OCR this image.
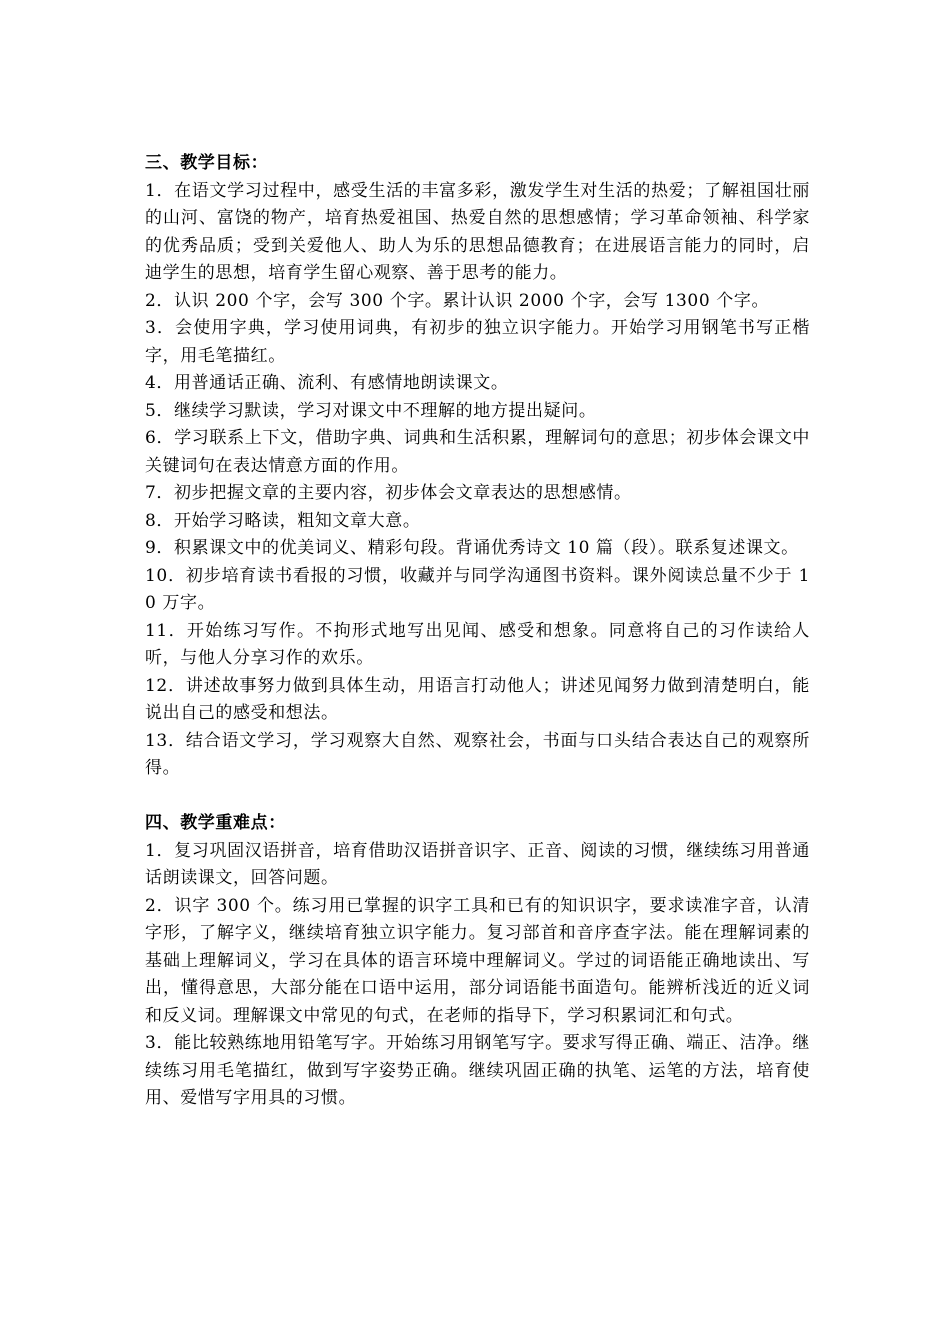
三、教学目标：

1．在语文学习过程中，感受生活的丰富多彩，激发学生对生活的热爱；了解祖国壮丽的山河、富饶的物产，培育热爱祖国、热爱自然的思想感情；学习革命领袖、科学家的优秀品质；受到关爱他人、助人为乐的思想品德教育；在进展语言能力的同时，启迪学生的思想，培育学生留心观察、善于思考的能力。

2．认识 200 个字，会写 300 个字。累计认识 2000 个字，会写 1300 个字。

3．会使用字典，学习使用词典，有初步的独立识字能力。开始学习用钢笔书写正楷字，用毛笔描红。

4．用普通话正确、流利、有感情地朗读课文。

5．继续学习默读，学习对课文中不理解的地方提出疑问。

6．学习联系上下文，借助字典、词典和生活积累，理解词句的意思；初步体会课文中关键词句在表达情意方面的作用。

7．初步把握文章的主要内容，初步体会文章表达的思想感情。

8．开始学习略读，粗知文章大意。

9．积累课文中的优美词义、精彩句段。背诵优秀诗文 10 篇（段）。联系复述课文。

10．初步培育读书看报的习惯，收藏并与同学沟通图书资料。课外阅读总量不少于 10 万字。

11．开始练习写作。不拘形式地写出见闻、感受和想象。同意将自己的习作读给人听，与他人分享习作的欢乐。

12．讲述故事努力做到具体生动，用语言打动他人；讲述见闻努力做到清楚明白，能说出自己的感受和想法。

13．结合语文学习，学习观察大自然、观察社会，书面与口头结合表达自己的观察所得。

四、教学重难点：

1．复习巩固汉语拼音，培育借助汉语拼音识字、正音、阅读的习惯，继续练习用普通话朗读课文，回答问题。

2．识字 300 个。练习用已掌握的识字工具和已有的知识识字，要求读准字音，认清字形，了解字义，继续培育独立识字能力。复习部首和音序查字法。能在理解词素的基础上理解词义，学习在具体的语言环境中理解词义。学过的词语能正确地读出、写出，懂得意思，大部分能在口语中运用，部分词语能书面造句。能辨析浅近的近义词和反义词。理解课文中常见的句式，在老师的指导下，学习积累词汇和句式。

3．能比较熟练地用铅笔写字。开始练习用钢笔写字。要求写得正确、端正、洁净。继续练习用毛笔描红，做到写字姿势正确。继续巩固正确的执笔、运笔的方法，培育使用、爱惜写字用具的习惯。
